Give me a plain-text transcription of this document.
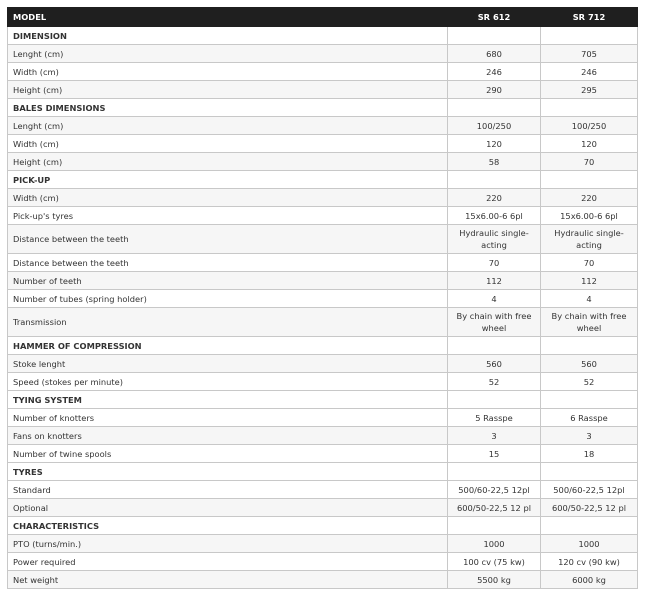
MODEL	SR 612	SR 712
DIMENSION		
Lenght (cm)	680	705
Width (cm)	246	246
Height (cm)	290	295
BALES DIMENSIONS		
Lenght (cm)	100/250	100/250
Width (cm)	120	120
Height (cm)	58	70
PICK-UP		
Width (cm)	220	220
Pick-up's tyres	15x6.00-6 6pl	15x6.00-6 6pl
Distance between the teeth	Hydraulic single-acting	Hydraulic single-acting
Distance between the teeth	70	70
Number of teeth	112	112
Number of tubes (spring holder)	4	4
Transmission	By chain with free wheel	By chain with free wheel
HAMMER OF COMPRESSION		
Stoke lenght	560	560
Speed (stokes per minute)	52	52
TYING SYSTEM		
Number of knotters	5 Rasspe	6 Rasspe
Fans on knotters	3	3
Number of twine spools	15	18
TYRES		
Standard	500/60-22,5 12pl	500/60-22,5 12pl
Optional	600/50-22,5 12 pl	600/50-22,5 12 pl
CHARACTERISTICS		
PTO (turns/min.)	1000	1000
Power required	100 cv (75 kw)	120 cv (90 kw)
Net weight	5500 kg	6000 kg
